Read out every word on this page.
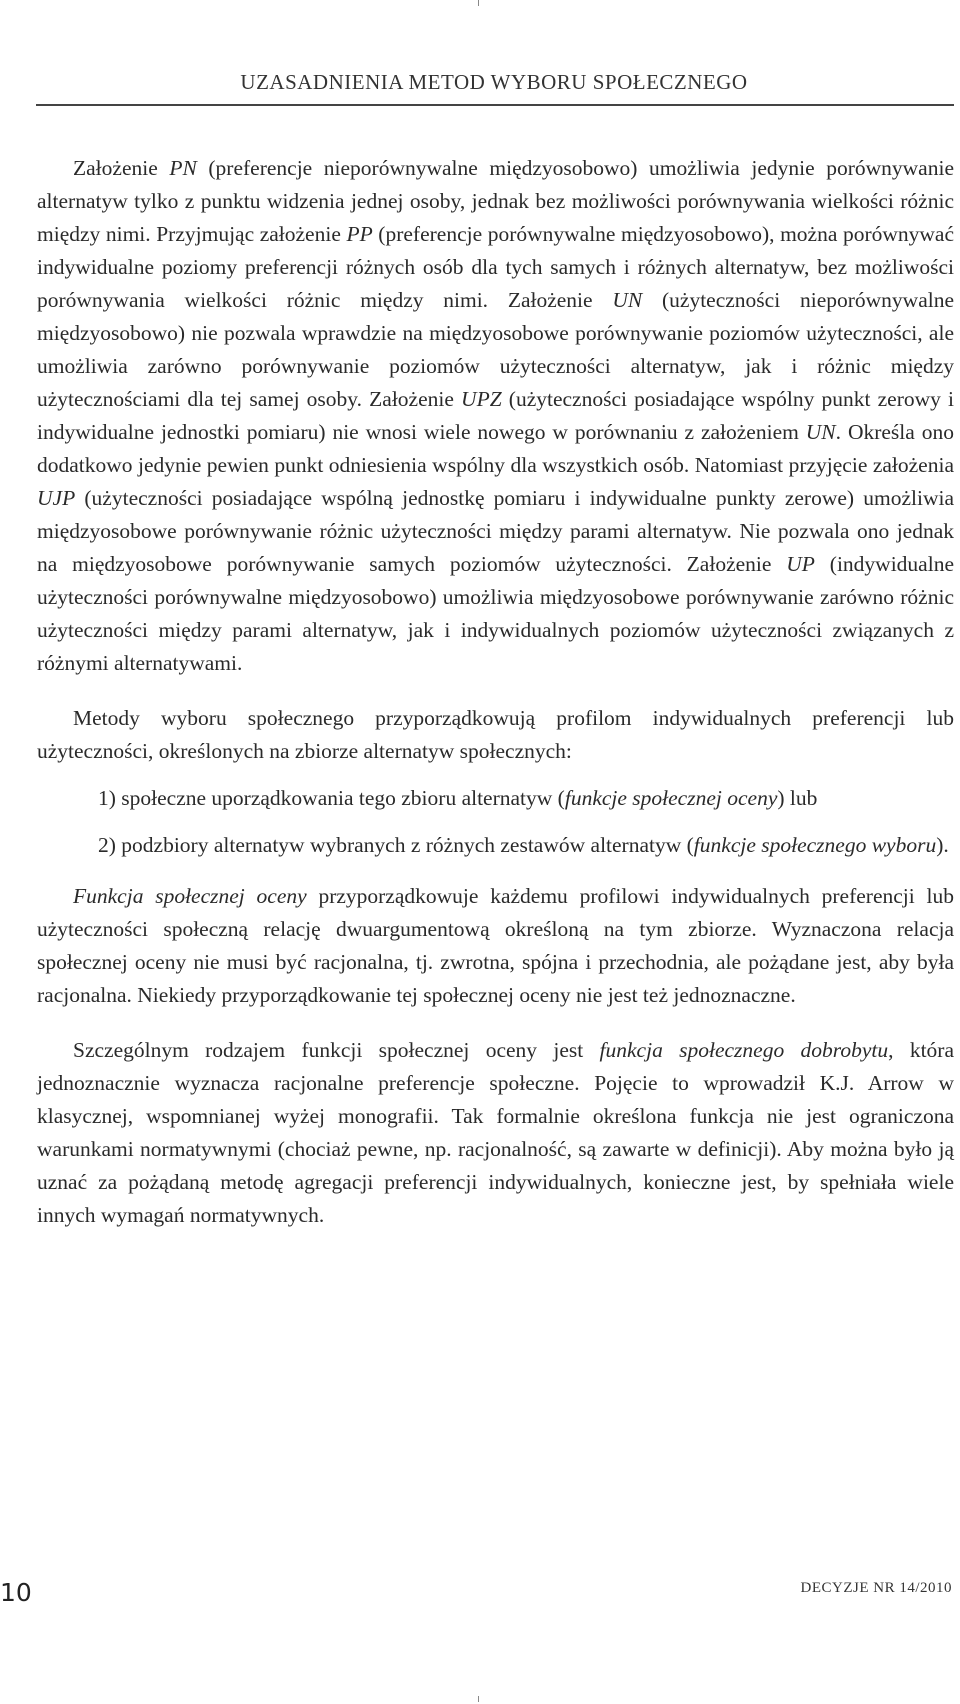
UZASADNIENIA METOD WYBORU SPOŁECZNEGO

Założenie PN (preferencje nieporównywalne międzyosobowo) umożliwia jedynie porównywanie alternatyw tylko z punktu widzenia jednej osoby, jednak bez możliwości porównywania wielkości różnic między nimi. Przyjmując założenie PP (preferencje porównywalne międzyosobowo), można porównywać indywidualne poziomy preferencji różnych osób dla tych samych i różnych alternatyw, bez możliwości porównywania wielkości różnic między nimi. Założenie UN (użyteczności nieporównywalne międzyosobowo) nie pozwala wprawdzie na międzyosobowe porównywanie poziomów użyteczności, ale umożliwia zarówno porównywanie poziomów użyteczności alternatyw, jak i różnic między użytecznościami dla tej samej osoby. Założenie UPZ (użyteczności posiadające wspólny punkt zerowy i indywidualne jednostki pomiaru) nie wnosi wiele nowego w porównaniu z założeniem UN. Określa ono dodatkowo jedynie pewien punkt odniesienia wspólny dla wszystkich osób. Natomiast przyjęcie założenia UJP (użyteczności posiadające wspólną jednostkę pomiaru i indywidualne punkty zerowe) umożliwia międzyosobowe porównywanie różnic użyteczności między parami alternatyw. Nie pozwala ono jednak na międzyosobowe porównywanie samych poziomów użyteczności. Założenie UP (indywidualne użyteczności porównywalne międzyosobowo) umożliwia międzyosobowe porównywanie zarówno różnic użyteczności między parami alternatyw, jak i indywidualnych poziomów użyteczności związanych z różnymi alternatywami.

Metody wyboru społecznego przyporządkowują profilom indywidualnych preferencji lub użyteczności, określonych na zbiorze alternatyw społecznych:

1) społeczne uporządkowania tego zbioru alternatyw (funkcje społecznej oceny) lub
2) podzbiory alternatyw wybranych z różnych zestawów alternatyw (funkcje społecznego wyboru).

Funkcja społecznej oceny przyporządkowuje każdemu profilowi indywidualnych preferencji lub użyteczności społeczną relację dwuargumentową określoną na tym zbiorze. Wyznaczona relacja społecznej oceny nie musi być racjonalna, tj. zwrotna, spójna i przechodnia, ale pożądane jest, aby była racjonalna. Niekiedy przyporządkowanie tej społecznej oceny nie jest też jednoznaczne.

Szczególnym rodzajem funkcji społecznej oceny jest funkcja społecznego dobrobytu, która jednoznacznie wyznacza racjonalne preferencje społeczne. Pojęcie to wprowadził K.J. Arrow w klasycznej, wspomnianej wyżej monografii. Tak formalnie określona funkcja nie jest ograniczona warunkami normatywnymi (chociaż pewne, np. racjonalność, są zawarte w definicji). Aby można było ją uznać za pożądaną metodę agregacji preferencji indywidualnych, konieczne jest, by spełniała wiele innych wymagań normatywnych.

10	DECYZJE NR 14/2010
